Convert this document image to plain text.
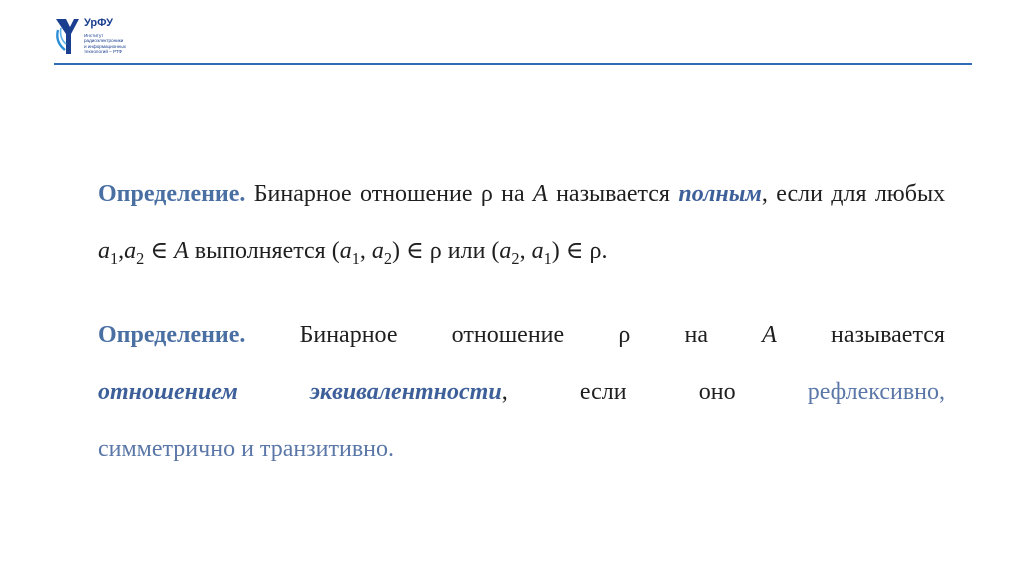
УрФУ
Институт
радиоэлектроники
и информационных
технологий – РТФ

Определение. Бинарное отношение ρ на A называется полным, если для любых $a_1,a_2$ ∈ A выполняется ($a_1$, $a_2$) ∈ ρ или ($a_2$, $a_1$) ∈ ρ.

Определение. Бинарное отношение ρ на A называется
отношением	эквивалентности,	если	оно	рефлексивно,
симметрично и транзитивно.
